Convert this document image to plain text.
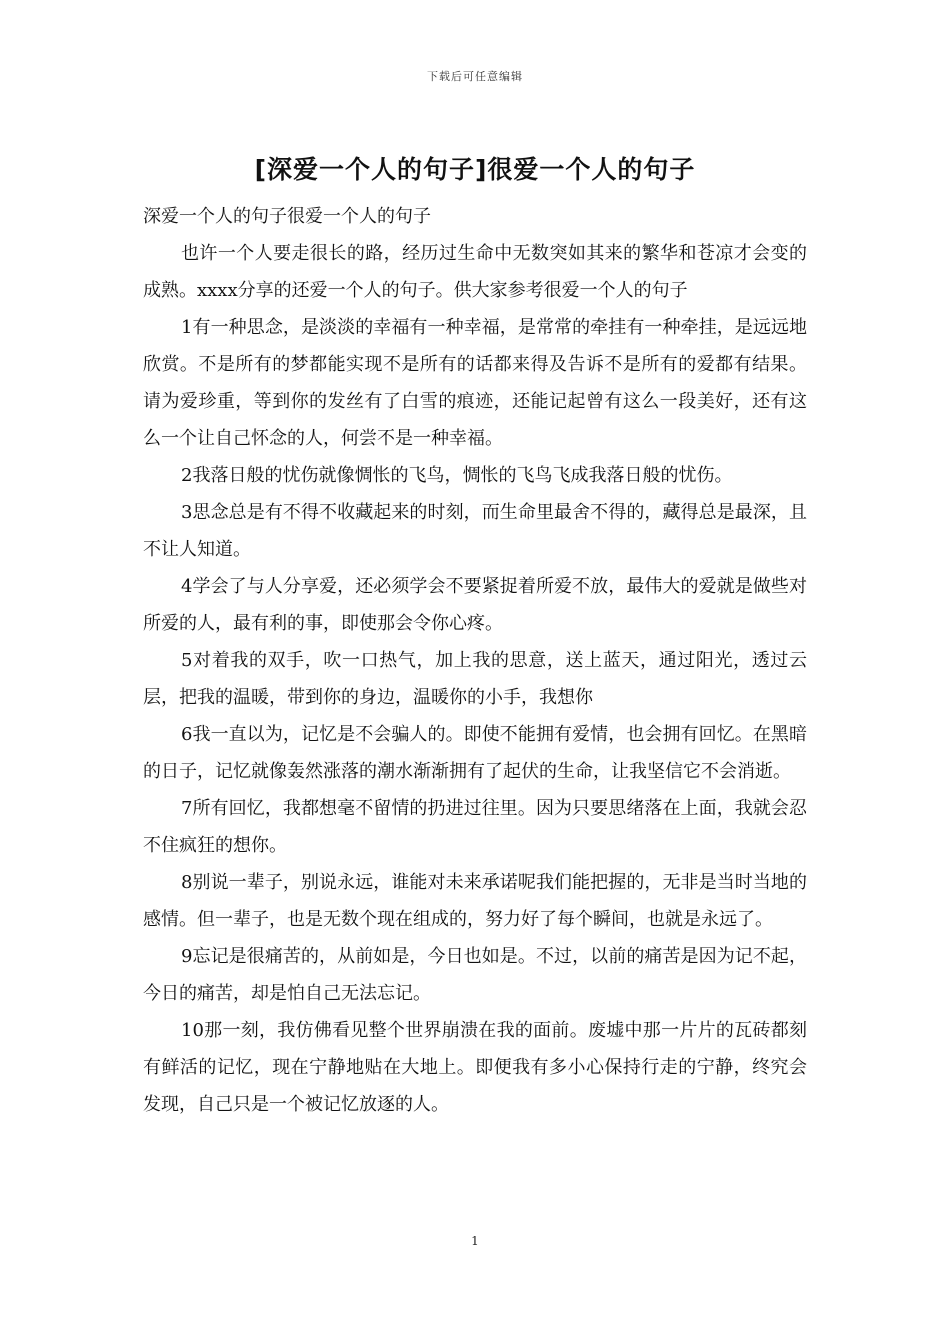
下载后可任意编辑
[深爱一个人的句子]很爱一个人的句子

深爱一个人的句子很爱一个人的句子

也许一个人要走很长的路，经历过生命中无数突如其来的繁华和苍凉才会变的成熟。xxxx分享的还爱一个人的句子。供大家参考很爱一个人的句子

1有一种思念，是淡淡的幸福有一种幸福，是常常的牵挂有一种牵挂，是远远地欣赏。不是所有的梦都能实现不是所有的话都来得及告诉不是所有的爱都有结果。请为爱珍重，等到你的发丝有了白雪的痕迹，还能记起曾有这么一段美好，还有这么一个让自己怀念的人，何尝不是一种幸福。

2我落日般的忧伤就像惆怅的飞鸟，惆怅的飞鸟飞成我落日般的忧伤。

3思念总是有不得不收藏起来的时刻，而生命里最舍不得的，藏得总是最深，且不让人知道。

4学会了与人分享爱，还必须学会不要紧捉着所爱不放，最伟大的爱就是做些对所爱的人，最有利的事，即使那会令你心疼。

5对着我的双手，吹一口热气，加上我的思意，送上蓝天，通过阳光，透过云层，把我的温暖，带到你的身边，温暖你的小手，我想你

6我一直以为，记忆是不会骗人的。即使不能拥有爱情，也会拥有回忆。在黑暗的日子，记忆就像轰然涨落的潮水渐渐拥有了起伏的生命，让我坚信它不会消逝。

7所有回忆，我都想毫不留情的扔进过往里。因为只要思绪落在上面，我就会忍不住疯狂的想你。

8别说一辈子，别说永远，谁能对未来承诺呢我们能把握的，无非是当时当地的感情。但一辈子，也是无数个现在组成的，努力好了每个瞬间，也就是永远了。

9忘记是很痛苦的，从前如是，今日也如是。不过，以前的痛苦是因为记不起，今日的痛苦，却是怕自己无法忘记。

10那一刻，我仿佛看见整个世界崩溃在我的面前。废墟中那一片片的瓦砖都刻有鲜活的记忆，现在宁静地贴在大地上。即便我有多小心保持行走的宁静，终究会发现，自己只是一个被记忆放逐的人。

1
